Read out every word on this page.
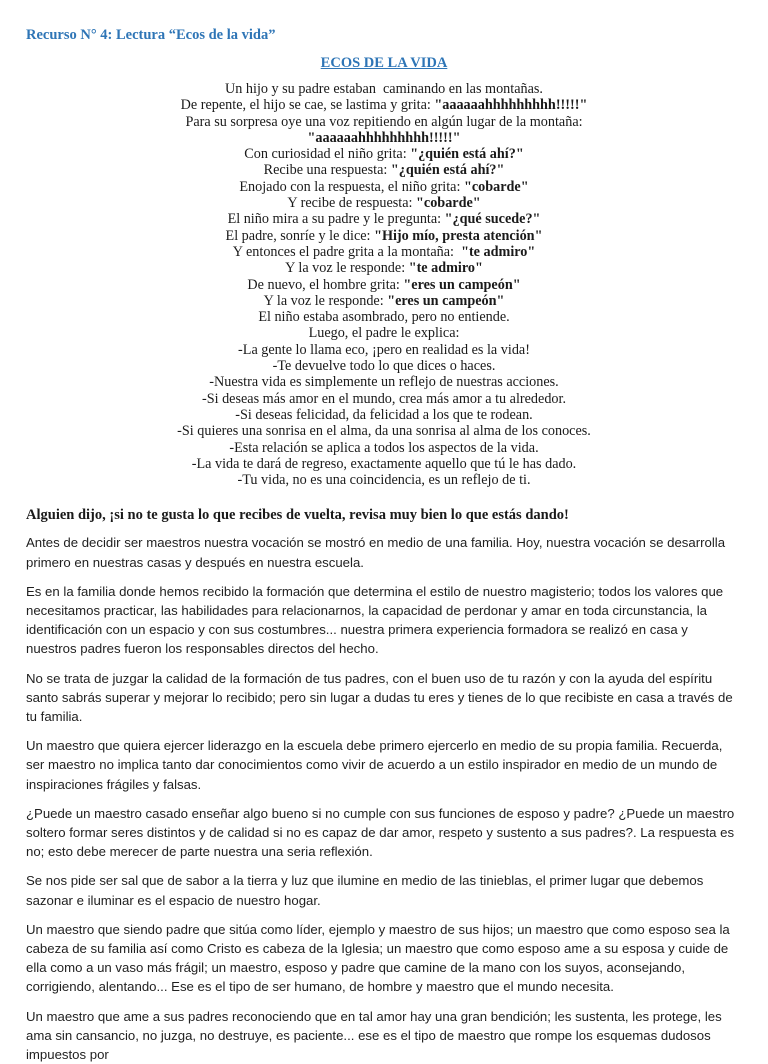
Recurso N° 4: Lectura “Ecos de la vida”

ECOS DE LA VIDA
Un hijo y su padre estaban  caminando en las montañas.
De repente, el hijo se cae, se lastima y grita: "aaaaaahhhhhhhhh!!!!!"
Para su sorpresa oye una voz repitiendo en algún lugar de la montaña:
"aaaaaahhhhhhhhh!!!!!"
Con curiosidad el niño grita: "¿quién está ahí?"
Recibe una respuesta: "¿quién está ahí?"
Enojado con la respuesta, el niño grita: "cobarde"
Y recibe de respuesta: "cobarde"
El niño mira a su padre y le pregunta: "¿qué sucede?"
El padre, sonríe y le dice: "Hijo mío, presta atención"
Y entonces el padre grita a la montaña:  "te admiro"
Y la voz le responde: "te admiro"
De nuevo, el hombre grita: "eres un campeón"
Y la voz le responde: "eres un campeón"
El niño estaba asombrado, pero no entiende.
Luego, el padre le explica:
-La gente lo llama eco, ¡pero en realidad es la vida!
-Te devuelve todo lo que dices o haces.
-Nuestra vida es simplemente un reflejo de nuestras acciones.
-Si deseas más amor en el mundo, crea más amor a tu alrededor.
-Si deseas felicidad, da felicidad a los que te rodean.
-Si quieres una sonrisa en el alma, da una sonrisa al alma de los conoces.
-Esta relación se aplica a todos los aspectos de la vida.
-La vida te dará de regreso, exactamente aquello que tú le has dado.
-Tu vida, no es una coincidencia, es un reflejo de ti.

Alguien dijo, ¡si no te gusta lo que recibes de vuelta, revisa muy bien lo que estás dando!

Antes de decidir ser maestros nuestra vocación se mostró en medio de una familia. Hoy, nuestra vocación se desarrolla primero en nuestras casas y después en nuestra escuela.

Es en la familia donde hemos recibido la formación que determina el estilo de nuestro magisterio; todos los valores que necesitamos practicar, las habilidades para relacionarnos, la capacidad de perdonar y amar en toda circunstancia, la identificación con un espacio y con sus costumbres... nuestra primera experiencia formadora se realizó en casa y nuestros padres fueron los responsables directos del hecho.

No se trata de juzgar la calidad de la formación de tus padres, con el buen uso de tu razón y con la ayuda del espíritu santo sabrás superar y mejorar lo recibido; pero sin lugar a dudas tu eres y tienes de lo que recibiste en casa a través de tu familia.

Un maestro que quiera ejercer liderazgo en la escuela debe primero ejercerlo en medio de su propia familia. Recuerda, ser maestro no implica tanto dar conocimientos como vivir de acuerdo a un estilo inspirador en medio de un mundo de inspiraciones frágiles y falsas.

¿Puede un maestro casado enseñar algo bueno si no cumple con sus funciones de esposo y padre? ¿Puede un maestro soltero formar seres distintos y de calidad si no es capaz de dar amor, respeto y sustento a sus padres?. La respuesta es no; esto debe merecer de parte nuestra una seria reflexión.

Se nos pide ser sal que de sabor a la tierra y luz que ilumine en medio de las tinieblas, el primer lugar que debemos sazonar e iluminar es el espacio de nuestro hogar.

Un maestro que siendo padre que sitúa como líder, ejemplo y maestro de sus hijos; un maestro que como esposo sea la cabeza de su familia así como Cristo es cabeza de la Iglesia; un maestro que como esposo ame a su esposa y cuide de ella como a un vaso más frágil; un maestro, esposo y padre que camine de la mano con los suyos, aconsejando, corrigiendo, alentando... Ese es el tipo de ser humano, de hombre y maestro que el mundo necesita.

Un maestro que ame a sus padres reconociendo que en tal amor hay una gran bendición; les sustenta, les protege, les ama sin cansancio, no juzga, no destruye, es paciente... ese es el tipo de maestro que rompe los esquemas dudosos impuestos por
